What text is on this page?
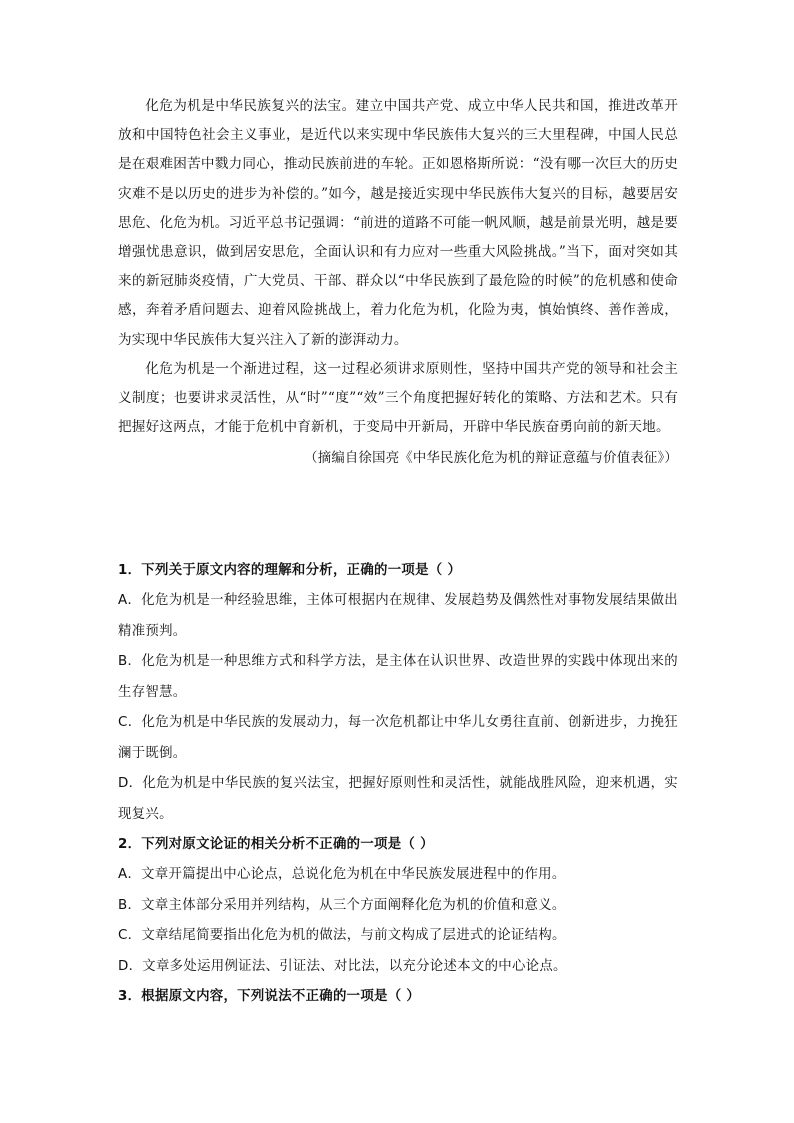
化危为机是中华民族复兴的法宝。建立中国共产党、成立中华人民共和国，推进改革开放和中国特色社会主义事业，是近代以来实现中华民族伟大复兴的三大里程碑，中国人民总是在艰难困苦中戮力同心，推动民族前进的车轮。正如恩格斯所说：“没有哪一次巨大的历史灾难不是以历史的进步为补偿的。”如今，越是接近实现中华民族伟大复兴的目标，越要居安思危、化危为机。习近平总书记强调：“前进的道路不可能一帆风顺，越是前景光明，越是要增强忧患意识，做到居安思危，全面认识和有力应对一些重大风险挑战。”当下，面对突如其来的新冠肺炎疫情，广大党员、干部、群众以“中华民族到了最危险的时候”的危机感和使命感，奔着矛盾问题去、迎着风险挑战上，着力化危为机，化险为夷，慎始慎终、善作善成，为实现中华民族伟大复兴注入了新的澎湃动力。

化危为机是一个渐进过程，这一过程必须讲求原则性，坚持中国共产党的领导和社会主义制度；也要讲求灵活性，从“时”“度”“效”三个角度把握好转化的策略、方法和艺术。只有把握好这两点，才能于危机中育新机，于变局中开新局，开辟中华民族奋勇向前的新天地。

（摘编自徐国亮《中华民族化危为机的辩证意蕴与价值表征》）

1．下列关于原文内容的理解和分析，正确的一项是（ ）

A．化危为机是一种经验思维，主体可根据内在规律、发展趋势及偶然性对事物发展结果做出精准预判。

B．化危为机是一种思维方式和科学方法，是主体在认识世界、改造世界的实践中体现出来的生存智慧。

C．化危为机是中华民族的发展动力，每一次危机都让中华儿女勇往直前、创新进步，力挽狂澜于既倒。

D．化危为机是中华民族的复兴法宝，把握好原则性和灵活性，就能战胜风险，迎来机遇，实现复兴。

2．下列对原文论证的相关分析不正确的一项是（ ）

A．文章开篇提出中心论点，总说化危为机在中华民族发展进程中的作用。

B．文章主体部分采用并列结构，从三个方面阐释化危为机的价值和意义。

C．文章结尾简要指出化危为机的做法，与前文构成了层进式的论证结构。

D．文章多处运用例证法、引证法、对比法，以充分论述本文的中心论点。

3．根据原文内容，下列说法不正确的一项是（ ）
